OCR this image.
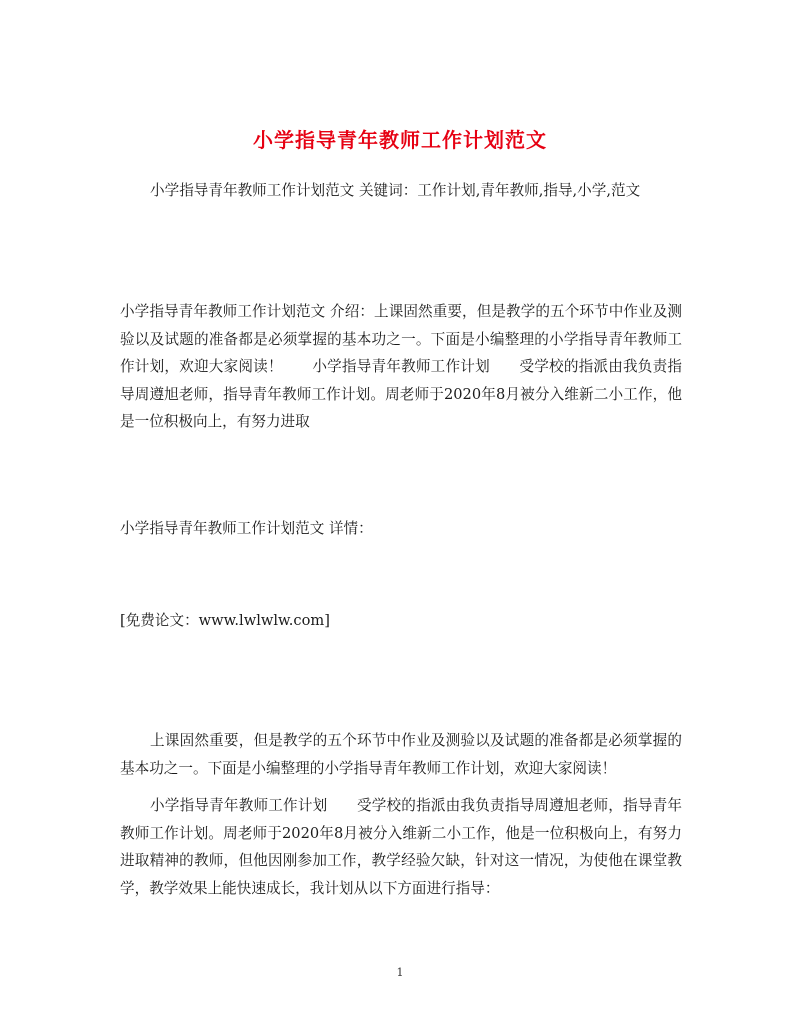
小学指导青年教师工作计划范文

小学指导青年教师工作计划范文 关键词：工作计划,青年教师,指导,小学,范文

小学指导青年教师工作计划范文 介绍：上课固然重要，但是教学的五个环节中作业及测验以及试题的准备都是必须掌握的基本功之一。下面是小编整理的小学指导青年教师工作计划，欢迎大家阅读！　　小学指导青年教师工作计划　　受学校的指派由我负责指导周遵旭老师，指导青年教师工作计划。周老师于2020年8月被分入维新二小工作，他是一位积极向上，有努力进取

小学指导青年教师工作计划范文 详情：

[免费论文：www.lwlwlw.com]

上课固然重要，但是教学的五个环节中作业及测验以及试题的准备都是必须掌握的基本功之一。下面是小编整理的小学指导青年教师工作计划，欢迎大家阅读！

小学指导青年教师工作计划　　受学校的指派由我负责指导周遵旭老师，指导青年教师工作计划。周老师于2020年8月被分入维新二小工作，他是一位积极向上，有努力进取精神的教师，但他因刚参加工作，教学经验欠缺，针对这一情况，为使他在课堂教学，教学效果上能快速成长，我计划从以下方面进行指导：

1
